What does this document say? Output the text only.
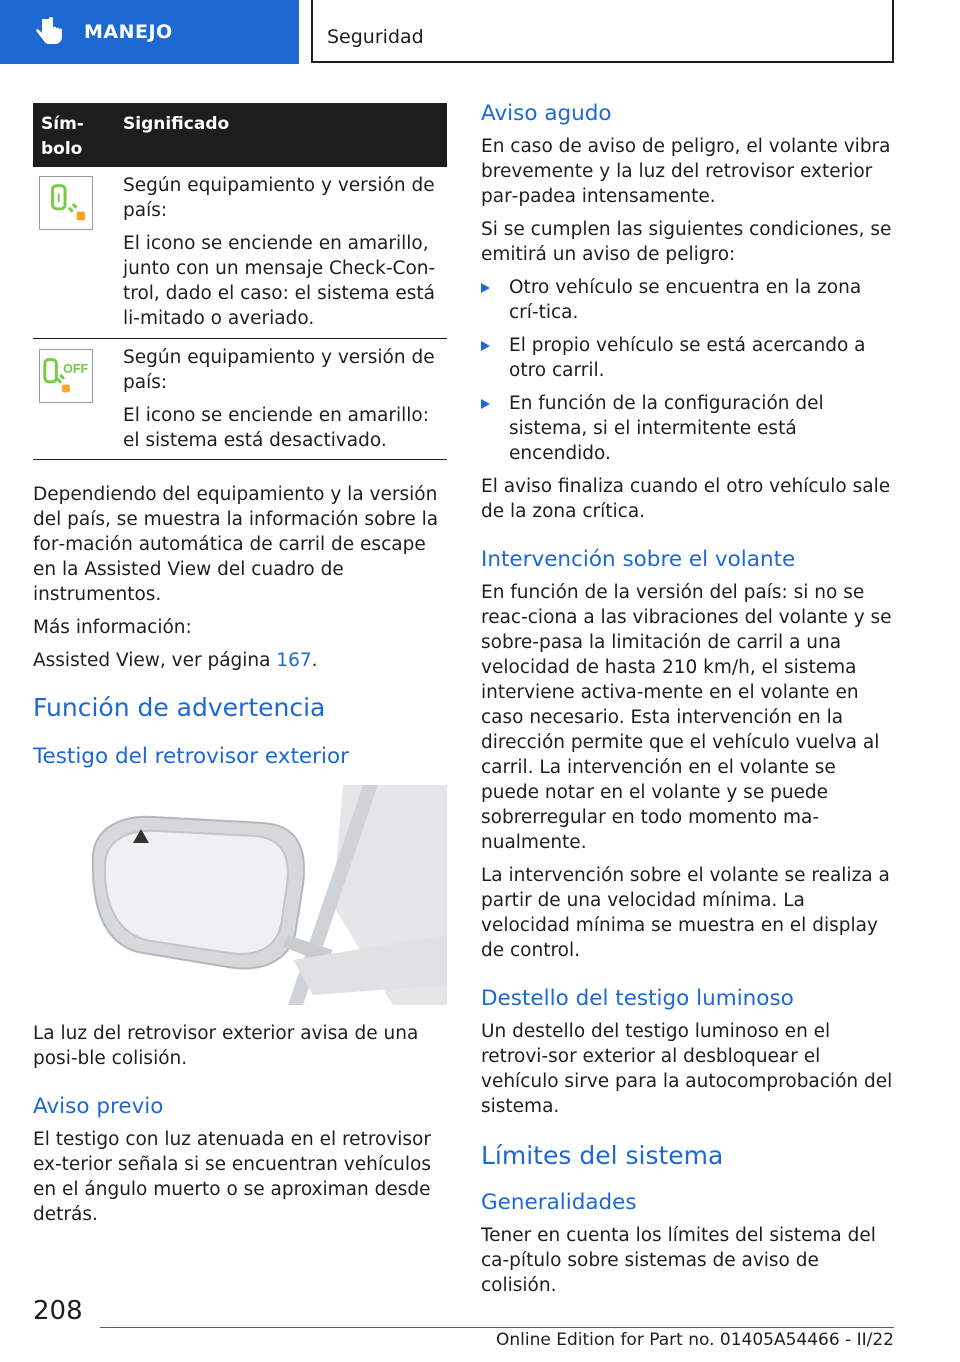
MANEJO	Seguridad
Sím‐
bolo
Significado

Según equipamiento y versión de país:

El icono se enciende en amarillo, junto con un mensaje Check-Con‐trol, dado el caso: el sistema está li‐mitado o averiado.

OFF

Según equipamiento y versión de país:

El icono se enciende en amarillo: el sistema está desactivado.

Dependiendo del equipamiento y la versión del país, se muestra la información sobre la for‐mación automática de carril de escape en la Assisted View del cuadro de instrumentos.

Más información:

Assisted View, ver página 167.

Función de advertencia
Testigo del retrovisor exterior

La luz del retrovisor exterior avisa de una posi‐ble colisión.

Aviso previo

El testigo con luz atenuada en el retrovisor ex‐terior señala si se encuentran vehículos en el ángulo muerto o se aproximan desde detrás.

Aviso agudo

En caso de aviso de peligro, el volante vibra brevemente y la luz del retrovisor exterior par‐padea intensamente.

Si se cumplen las siguientes condiciones, se emitirá un aviso de peligro:

Otro vehículo se encuentra en la zona crí‐tica.
El propio vehículo se está acercando a otro carril.
En función de la configuración del sistema, si el intermitente está encendido.

El aviso finaliza cuando el otro vehículo sale de la zona crítica.

Intervención sobre el volante

En función de la versión del país: si no se reac‐ciona a las vibraciones del volante y se sobre‐pasa la limitación de carril a una velocidad de hasta 210 km/h, el sistema interviene activa‐mente en el volante en caso necesario. Esta intervención en la dirección permite que el vehículo vuelva al carril. La intervención en el volante se puede notar en el volante y se puede sobrerregular en todo momento ma‐nualmente.

La intervención sobre el volante se realiza a partir de una velocidad mínima. La velocidad mínima se muestra en el display de control.

Destello del testigo luminoso

Un destello del testigo luminoso en el retrovi‐sor exterior al desbloquear el vehículo sirve para la autocomprobación del sistema.

Límites del sistema
Generalidades

Tener en cuenta los límites del sistema del ca‐pítulo sobre sistemas de aviso de colisión.

208
Online Edition for Part no. 01405A54466 - II/22
